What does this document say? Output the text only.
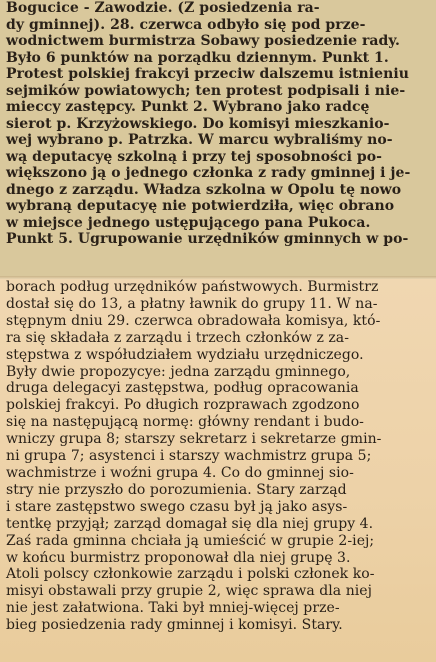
Bogucice - Zawodzie. (Z posiedzenia ra-
dy gminnej). 28. czerwca odbyło się pod prze-
wodnictwem burmistrza Sobawy posiedzenie rady.
Było 6 punktów na porządku dziennym. Punkt 1.
Protest polskiej frakcyi przeciw dalszemu istnieniu
sejmików powiatowych; ten protest podpisali i nie-
mieccy zastępcy. Punkt 2. Wybrano jako radcę
sierot p. Krzyżowskiego. Do komisyi mieszkanio-
wej wybrano p. Patrzka. W marcu wybraliśmy no-
wą deputacyę szkolną i przy tej sposobności po-
większono ją o jednego członka z rady gminnej i je-
dnego z zarządu. Władza szkolna w Opolu tę nowo
wybraną deputacyę nie potwierdziła, więc obrano
w miejsce jednego ustępującego pana Pukoca.
Punkt 5. Ugrupowanie urzędników gminnych w po-
borach podług urzędników państwowych. Burmistrz
dostał się do 13, a płatny ławnik do grupy 11. W na-
stępnym dniu 29. czerwca obradowała komisya, któ-
ra się składała z zarządu i trzech członków z za-
stępstwa z współudziałem wydziału urzędniczego.
Były dwie propozycye: jedna zarządu gminnego,
druga delegacyi zastępstwa, podług opracowania
polskiej frakcyi. Po długich rozprawach zgodzono
się na następującą normę: główny rendant i budo-
wniczy grupa 8; starszy sekretarz i sekretarze gmin-
ni grupa 7; asystenci i starszy wachmistrz grupa 5;
wachmistrze i woźni grupa 4. Co do gminnej sio-
stry nie przyszło do porozumienia. Stary zarząd
i stare zastępstwo swego czasu był ją jako asys-
tentkę przyjął; zarząd domagał się dla niej grupy 4.
Zaś rada gminna chciała ją umieścić w grupie 2-iej;
w końcu burmistrz proponował dla niej grupę 3.
Atoli polscy członkowie zarządu i polski członek ko-
misyi obstawali przy grupie 2, więc sprawa dla niej
nie jest załatwiona. Taki był mniej-więcej prze-
bieg posiedzenia rady gminnej i komisyi. Stary.
